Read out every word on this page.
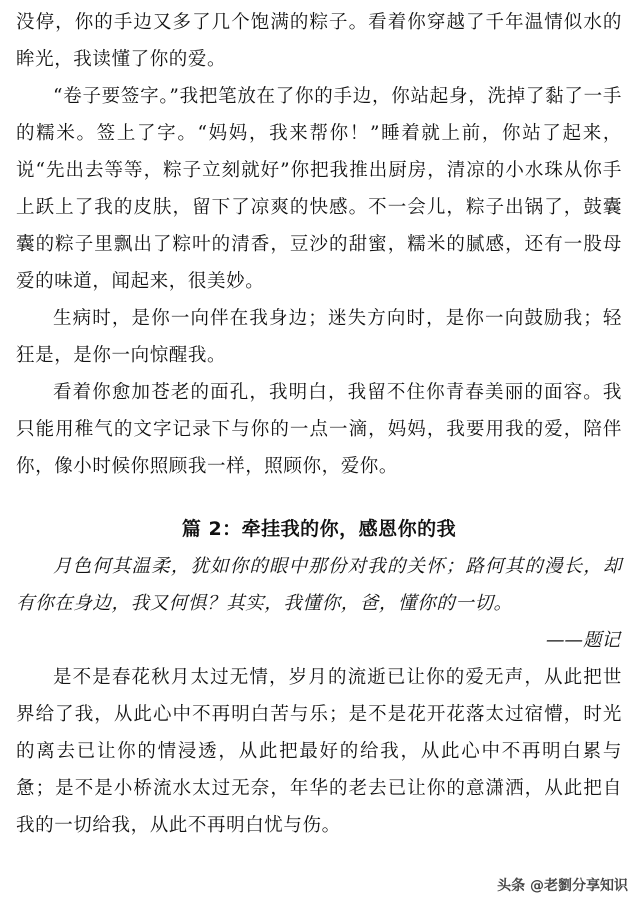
没停，你的手边又多了几个饱满的粽子。看着你穿越了千年温情似水的眸光，我读懂了你的爱。

“卷子要签字。”我把笔放在了你的手边，你站起身，洗掉了黏了一手的糯米。签上了字。“妈妈，我来帮你！”睡着就上前，你站了起来，说“先出去等等，粽子立刻就好”你把我推出厨房，清凉的小水珠从你手上跃上了我的皮肤，留下了凉爽的快感。不一会儿，粽子出锅了，鼓囊囊的粽子里飘出了粽叶的清香，豆沙的甜蜜，糯米的腻感，还有一股母爱的味道，闻起来，很美妙。

生病时，是你一向伴在我身边；迷失方向时，是你一向鼓励我；轻狂是，是你一向惊醒我。

看着你愈加苍老的面孔，我明白，我留不住你青春美丽的面容。我只能用稚气的文字记录下与你的一点一滴，妈妈，我要用我的爱，陪伴你，像小时候你照顾我一样，照顾你，爱你。

篇 2：牵挂我的你，感恩你的我

月色何其温柔，犹如你的眼中那份对我的关怀；路何其的漫长，却有你在身边，我又何惧？其实，我懂你，爸，懂你的一切。

——题记

是不是春花秋月太过无情，岁月的流逝已让你的爱无声，从此把世界给了我，从此心中不再明白苦与乐；是不是花开花落太过宿懵，时光的离去已让你的情浸透，从此把最好的给我，从此心中不再明白累与惫；是不是小桥流水太过无奈，年华的老去已让你的意潇洒，从此把自我的一切给我，从此不再明白忧与伤。

头条 @老劉分享知识
